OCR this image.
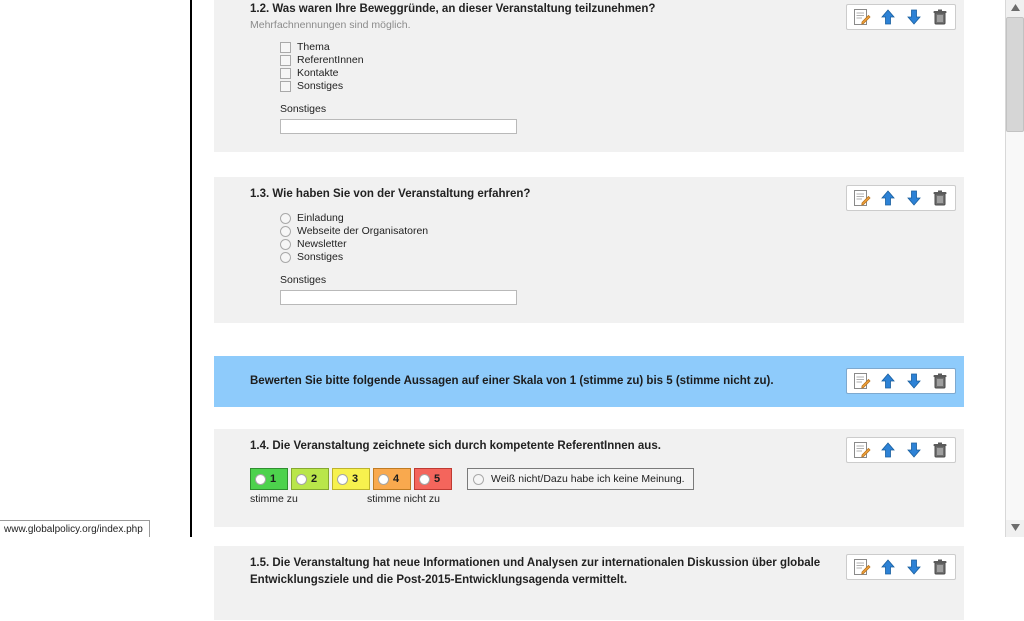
www.globalpolicy.org/index.php
1.2. Was waren Ihre Beweggründe, an dieser Veranstaltung teilzunehmen?
Mehrfachnennungen sind möglich.
Thema
ReferentInnen
Kontakte
Sonstiges
Sonstiges
1.3. Wie haben Sie von der Veranstaltung erfahren?
Einladung
Webseite der Organisatoren
Newsletter
Sonstiges
Sonstiges
Bewerten Sie bitte folgende Aussagen auf einer Skala von 1 (stimme zu) bis 5 (stimme nicht zu).
1.4. Die Veranstaltung zeichnete sich durch kompetente ReferentInnen aus.
1	2	3	4	5	Weiß nicht/Dazu habe ich keine Meinung.
stimme zu	stimme nicht zu
1.5. Die Veranstaltung hat neue Informationen und Analysen zur internationalen Diskussion über globale
Entwicklungsziele und die Post-2015-Entwicklungsagenda vermittelt.
